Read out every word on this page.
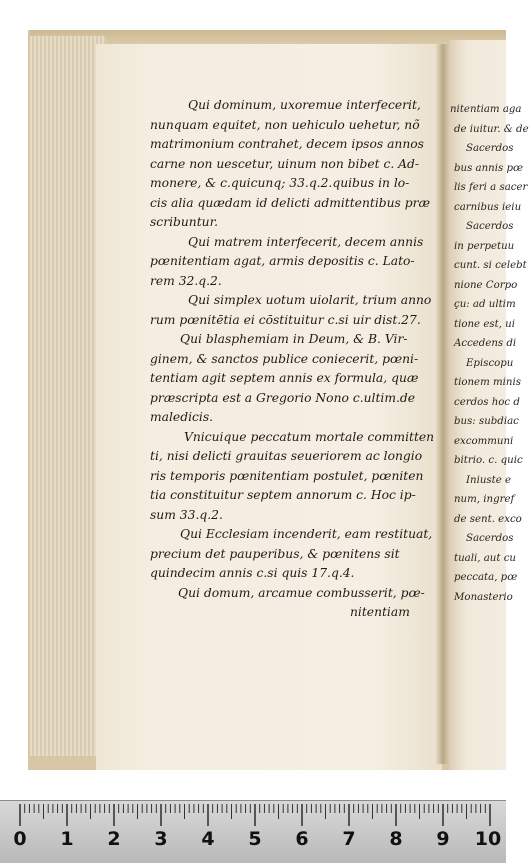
Qui dominum, uxoremue interfecerit,
nunquam equitet, non uehiculo uehetur, nõ
matrimonium contrahet, decem ipsos annos
carne non uescetur, uinum non bibet c. Ad-
monere, & c.quicunq; 33.q.2.quibus in lo-
cis alia quædam id delicti admittentibus præ
scribuntur.
Qui matrem interfecerit, decem annis
pœnitentiam agat, armis depositis c. Lato-
rem 32.q.2.
Qui simplex uotum uiolarit, trium anno
rum pœnitētia ei cōstituitur c.si uir dist.27.
Qui blasphemiam in Deum, & B. Vir-
ginem, & sanctos publice coniecerit, pœni-
tentiam agit septem annis ex formula, quæ
præscripta est a Gregorio Nono c.ultim.de
maledicis.
Vnicuique peccatum mortale committen
ti, nisi delicti grauitas seueriorem ac longio
ris temporis pœnitentiam postulet, pœniten
tia constituitur septem annorum c. Hoc ip-
sum 33.q.2.
Qui Ecclesiam incenderit, eam restituat,
precium det pauperibus, & pœnitens sit
quindecim annis c.si quis 17.q.4.
Qui domum, arcamue combusserit, pœ-
nitentiam
nitentiam aga
de iuitur. & de
Sacerdos
bus annis pœ
lis feri a sacer
carnibus ieiu
Sacerdos
in perpetuu
cunt. si celebt
nione Corpo
çu: ad ultim
tione est, ui
Accedens di
Episcopu
tionem minis
cerdos hoc d
bus: subdiac
excommuni
bitrio. c. quic
Iniuste e
num, ingref
de sent. exco
Sacerdos
tuali, aut cu
peccata, pœ
Monasterio
0 1 2 3 4 5 6 7 8 9 10
